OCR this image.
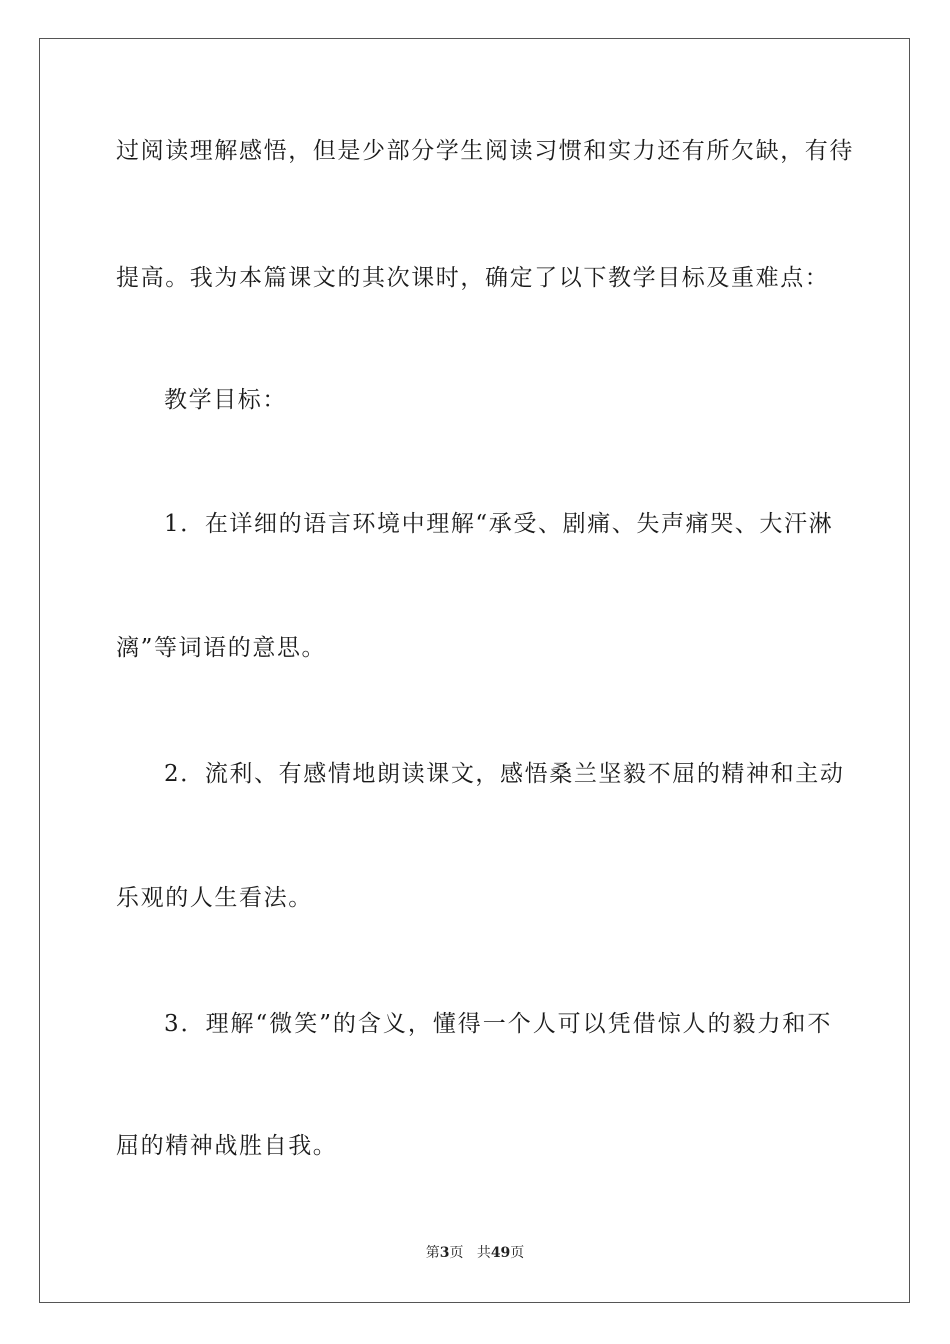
过阅读理解感悟，但是少部分学生阅读习惯和实力还有所欠缺，有待
提高。我为本篇课文的其次课时，确定了以下教学目标及重难点：
教学目标：
1．在详细的语言环境中理解“承受、剧痛、失声痛哭、大汗淋
漓”等词语的意思。
2．流利、有感情地朗读课文，感悟桑兰坚毅不屈的精神和主动
乐观的人生看法。
3．理解“微笑”的含义，懂得一个人可以凭借惊人的毅力和不
屈的精神战胜自我。
第3页 共49页
